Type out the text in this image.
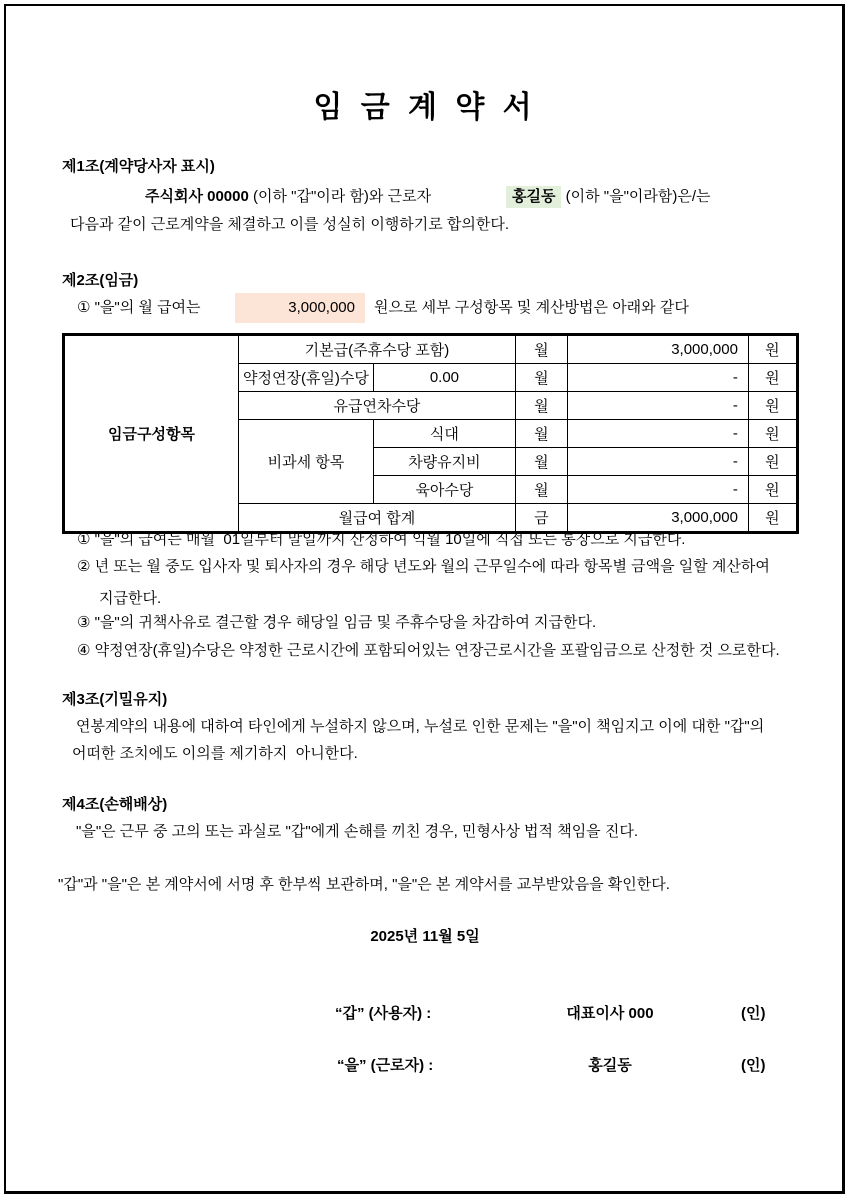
임 금 계 약 서
제1조(계약당사자 표시)
주식회사 00000 (이하 "갑"이라 함)와 근로자	홍길동 (이하 "을"이라함)은/는
다음과 같이 근로계약을 체결하고 이를 성실히 이행하기로 합의한다.
제2조(임금)
① "을"의 월 급여는	3,000,000	원으로 세부 구성항목 및 계산방법은 아래와 같다
임금구성항목	기본급(주휴수당 포함)		월	3,000,000	원
	약정연장(휴일)수당	0.00	월	-	원
	유급연차수당		월	-	원
	비과세 항목	식대	월	-	원
		차량유지비	월	-	원
		육아수당	월	-	원
	월급여 합계		금	3,000,000	원
① "을"의 급여는 매월  01일부터 말일까지 산정하여 익월 10일에 직접 또는 통장으로 지급한다.
② 년 또는 월 중도 입사자 및 퇴사자의 경우 해당 년도와 월의 근무일수에 따라 항목별 금액을 일할 계산하여
지급한다.
③ "을"의 귀책사유로 결근할 경우 해당일 임금 및 주휴수당을 차감하여 지급한다.
④ 약정연장(휴일)수당은 약정한 근로시간에 포함되어있는 연장근로시간을 포괄임금으로 산정한 것 으로한다.
제3조(기밀유지)
연봉계약의 내용에 대하여 타인에게 누설하지 않으며, 누설로 인한 문제는 "을"이 책임지고 이에 대한 "갑"의
어떠한 조치에도 이의를 제기하지  아니한다.
제4조(손해배상)
"을"은 근무 중 고의 또는 과실로 "갑"에게 손해를 끼친 경우, 민형사상 법적 책임을 진다.
"갑"과 "을"은 본 계약서에 서명 후 한부씩 보관하며, "을"은 본 계약서를 교부받았음을 확인한다.
2025년 11월 5일
“갑” (사용자) :	대표이사 000	(인)
“을” (근로자) :	홍길동	(인)
